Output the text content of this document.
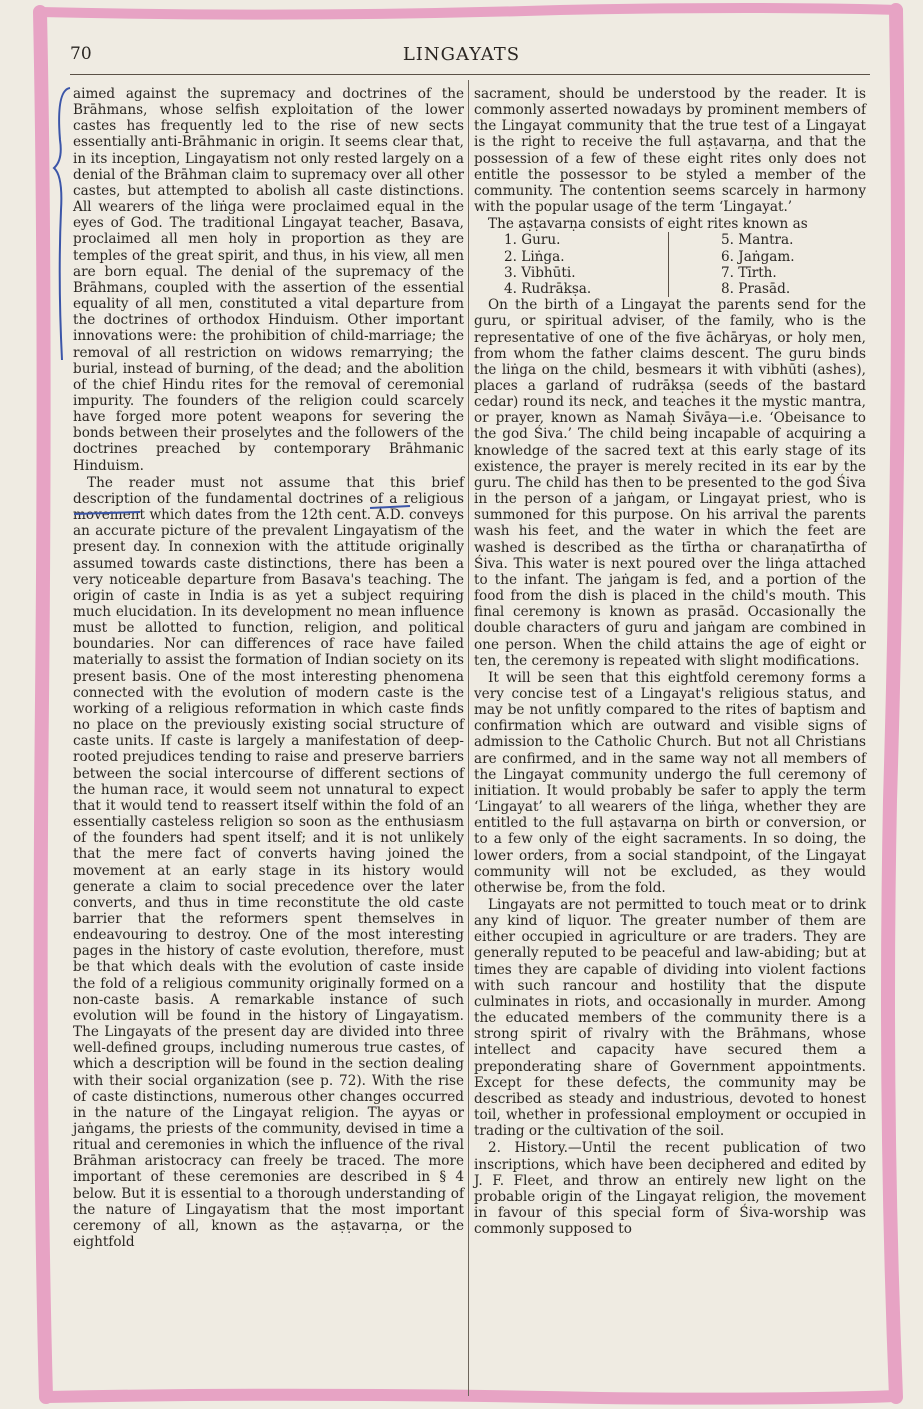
70	LINGAYATS

aimed against the supremacy and doctrines of the Brāhmans, whose selfish exploitation of the lower castes has frequently led to the rise of new sects essentially anti-Brāhmanic in origin. It seems clear that, in its inception, Lingayatism not only rested largely on a denial of the Brāhman claim to supremacy over all other castes, but attempted to abolish all caste distinctions. All wearers of the liṅga were proclaimed equal in the eyes of God. The traditional Lingayat teacher, Basava, proclaimed all men holy in proportion as they are temples of the great spirit, and thus, in his view, all men are born equal. The denial of the supremacy of the Brāhmans, coupled with the assertion of the essential equality of all men, constituted a vital departure from the doctrines of orthodox Hinduism. Other important innovations were: the prohibition of child-marriage; the removal of all restriction on widows remarrying; the burial, instead of burning, of the dead; and the abolition of the chief Hindu rites for the removal of ceremonial impurity. The founders of the religion could scarcely have forged more potent weapons for severing the bonds between their proselytes and the followers of the doctrines preached by contemporary Brāhmanic Hinduism.

The reader must not assume that this brief description of the fundamental doctrines of a religious movement which dates from the 12th cent. A.D. conveys an accurate picture of the prevalent Lingayatism of the present day. In connexion with the attitude originally assumed towards caste distinctions, there has been a very noticeable departure from Basava's teaching. The origin of caste in India is as yet a subject requiring much elucidation. In its development no mean influence must be allotted to function, religion, and political boundaries. Nor can differences of race have failed materially to assist the formation of Indian society on its present basis. One of the most interesting phenomena connected with the evolution of modern caste is the working of a religious reformation in which caste finds no place on the previously existing social structure of caste units. If caste is largely a manifestation of deep-rooted prejudices tending to raise and preserve barriers between the social intercourse of different sections of the human race, it would seem not unnatural to expect that it would tend to reassert itself within the fold of an essentially casteless religion so soon as the enthusiasm of the founders had spent itself; and it is not unlikely that the mere fact of converts having joined the movement at an early stage in its history would generate a claim to social precedence over the later converts, and thus in time reconstitute the old caste barrier that the reformers spent themselves in endeavouring to destroy. One of the most interesting pages in the history of caste evolution, therefore, must be that which deals with the evolution of caste inside the fold of a religious community originally formed on a non-caste basis. A remarkable instance of such evolution will be found in the history of Lingayatism. The Lingayats of the present day are divided into three well-defined groups, including numerous true castes, of which a description will be found in the section dealing with their social organization (see p. 72). With the rise of caste distinctions, numerous other changes occurred in the nature of the Lingayat religion. The ayyas or jaṅgams, the priests of the community, devised in time a ritual and ceremonies in which the influence of the rival Brāhman aristocracy can freely be traced. The more important of these ceremonies are described in § 4 below. But it is essential to a thorough understanding of the nature of Lingayatism that the most important ceremony of all, known as the aṣṭavarṇa, or the eightfold

sacrament, should be understood by the reader. It is commonly asserted nowadays by prominent members of the Lingayat community that the true test of a Lingayat is the right to receive the full aṣṭavarṇa, and that the possession of a few of these eight rites only does not entitle the possessor to be styled a member of the community. The contention seems scarcely in harmony with the popular usage of the term ‘Lingayat.’

The aṣṭavarṇa consists of eight rites known as

1. Guru.
2. Liṅga.
3. Vibhūti.
4. Rudrākṣa.
5. Mantra.
6. Jaṅgam.
7. Tīrth.
8. Prasād.

On the birth of a Lingayat the parents send for the guru, or spiritual adviser, of the family, who is the representative of one of the five āchāryas, or holy men, from whom the father claims descent. The guru binds the liṅga on the child, besmears it with vibhūti (ashes), places a garland of rudrākṣa (seeds of the bastard cedar) round its neck, and teaches it the mystic mantra, or prayer, known as Namaḥ Śivāya—i.e. ‘Obeisance to the god Śiva.’ The child being incapable of acquiring a knowledge of the sacred text at this early stage of its existence, the prayer is merely recited in its ear by the guru. The child has then to be presented to the god Śiva in the person of a jaṅgam, or Lingayat priest, who is summoned for this purpose. On his arrival the parents wash his feet, and the water in which the feet are washed is described as the tīrtha or charaṇatīrtha of Śiva. This water is next poured over the liṅga attached to the infant. The jaṅgam is fed, and a portion of the food from the dish is placed in the child's mouth. This final ceremony is known as prasād. Occasionally the double characters of guru and jaṅgam are combined in one person. When the child attains the age of eight or ten, the ceremony is repeated with slight modifications.

It will be seen that this eightfold ceremony forms a very concise test of a Lingayat's religious status, and may be not unfitly compared to the rites of baptism and confirmation which are outward and visible signs of admission to the Catholic Church. But not all Christians are confirmed, and in the same way not all members of the Lingayat community undergo the full ceremony of initiation. It would probably be safer to apply the term ‘Lingayat’ to all wearers of the liṅga, whether they are entitled to the full aṣṭavarṇa on birth or conversion, or to a few only of the eight sacraments. In so doing, the lower orders, from a social standpoint, of the Lingayat community will not be excluded, as they would otherwise be, from the fold.

Lingayats are not permitted to touch meat or to drink any kind of liquor. The greater number of them are either occupied in agriculture or are traders. They are generally reputed to be peaceful and law-abiding; but at times they are capable of dividing into violent factions with such rancour and hostility that the dispute culminates in riots, and occasionally in murder. Among the educated members of the community there is a strong spirit of rivalry with the Brāhmans, whose intellect and capacity have secured them a preponderating share of Government appointments. Except for these defects, the community may be described as steady and industrious, devoted to honest toil, whether in professional employment or occupied in trading or the cultivation of the soil.

2. History.—Until the recent publication of two inscriptions, which have been deciphered and edited by J. F. Fleet, and throw an entirely new light on the probable origin of the Lingayat religion, the movement in favour of this special form of Śiva-worship was commonly supposed to
